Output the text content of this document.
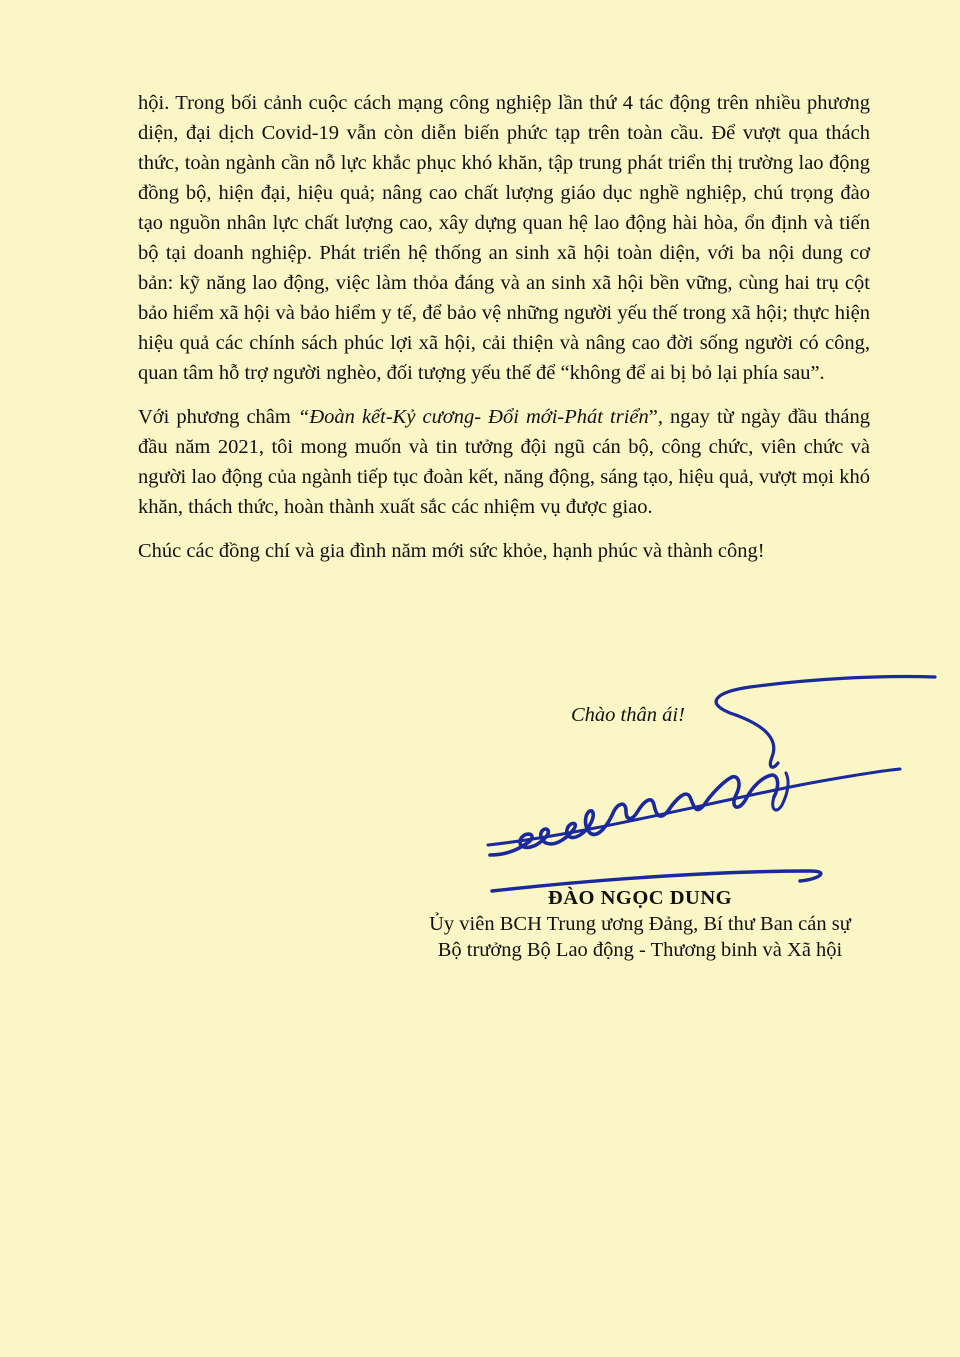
hội. Trong bối cảnh cuộc cách mạng công nghiệp lần thứ 4 tác động trên nhiều phương diện, đại dịch Covid-19 vẫn còn diễn biến phức tạp trên toàn cầu. Để vượt qua thách thức, toàn ngành cần nỗ lực khắc phục khó khăn, tập trung phát triển thị trường lao động đồng bộ, hiện đại, hiệu quả; nâng cao chất lượng giáo dục nghề nghiệp, chú trọng đào tạo nguồn nhân lực chất lượng cao, xây dựng quan hệ lao động hài hòa, ổn định và tiến bộ tại doanh nghiệp. Phát triển hệ thống an sinh xã hội toàn diện, với ba nội dung cơ bản: kỹ năng lao động, việc làm thỏa đáng và an sinh xã hội bền vững, cùng hai trụ cột bảo hiểm xã hội và bảo hiểm y tế, để bảo vệ những người yếu thế trong xã hội; thực hiện hiệu quả các chính sách phúc lợi xã hội, cải thiện và nâng cao đời sống người có công, quan tâm hỗ trợ người nghèo, đối tượng yếu thế để “không để ai bị bỏ lại phía sau”.

Với phương châm “Đoàn kết-Kỷ cương- Đổi mới-Phát triển”, ngay từ ngày đầu tháng đầu năm 2021, tôi mong muốn và tin tưởng đội ngũ cán bộ, công chức, viên chức và người lao động của ngành tiếp tục đoàn kết, năng động, sáng tạo, hiệu quả, vượt mọi khó khăn, thách thức, hoàn thành xuất sắc các nhiệm vụ được giao.

Chúc các đồng chí và gia đình năm mới sức khỏe, hạnh phúc và thành công!

Chào thân ái!
ĐÀO NGỌC DUNG
Ủy viên BCH Trung ương Đảng, Bí thư Ban cán sự
Bộ trưởng Bộ Lao động - Thương binh và Xã hội
